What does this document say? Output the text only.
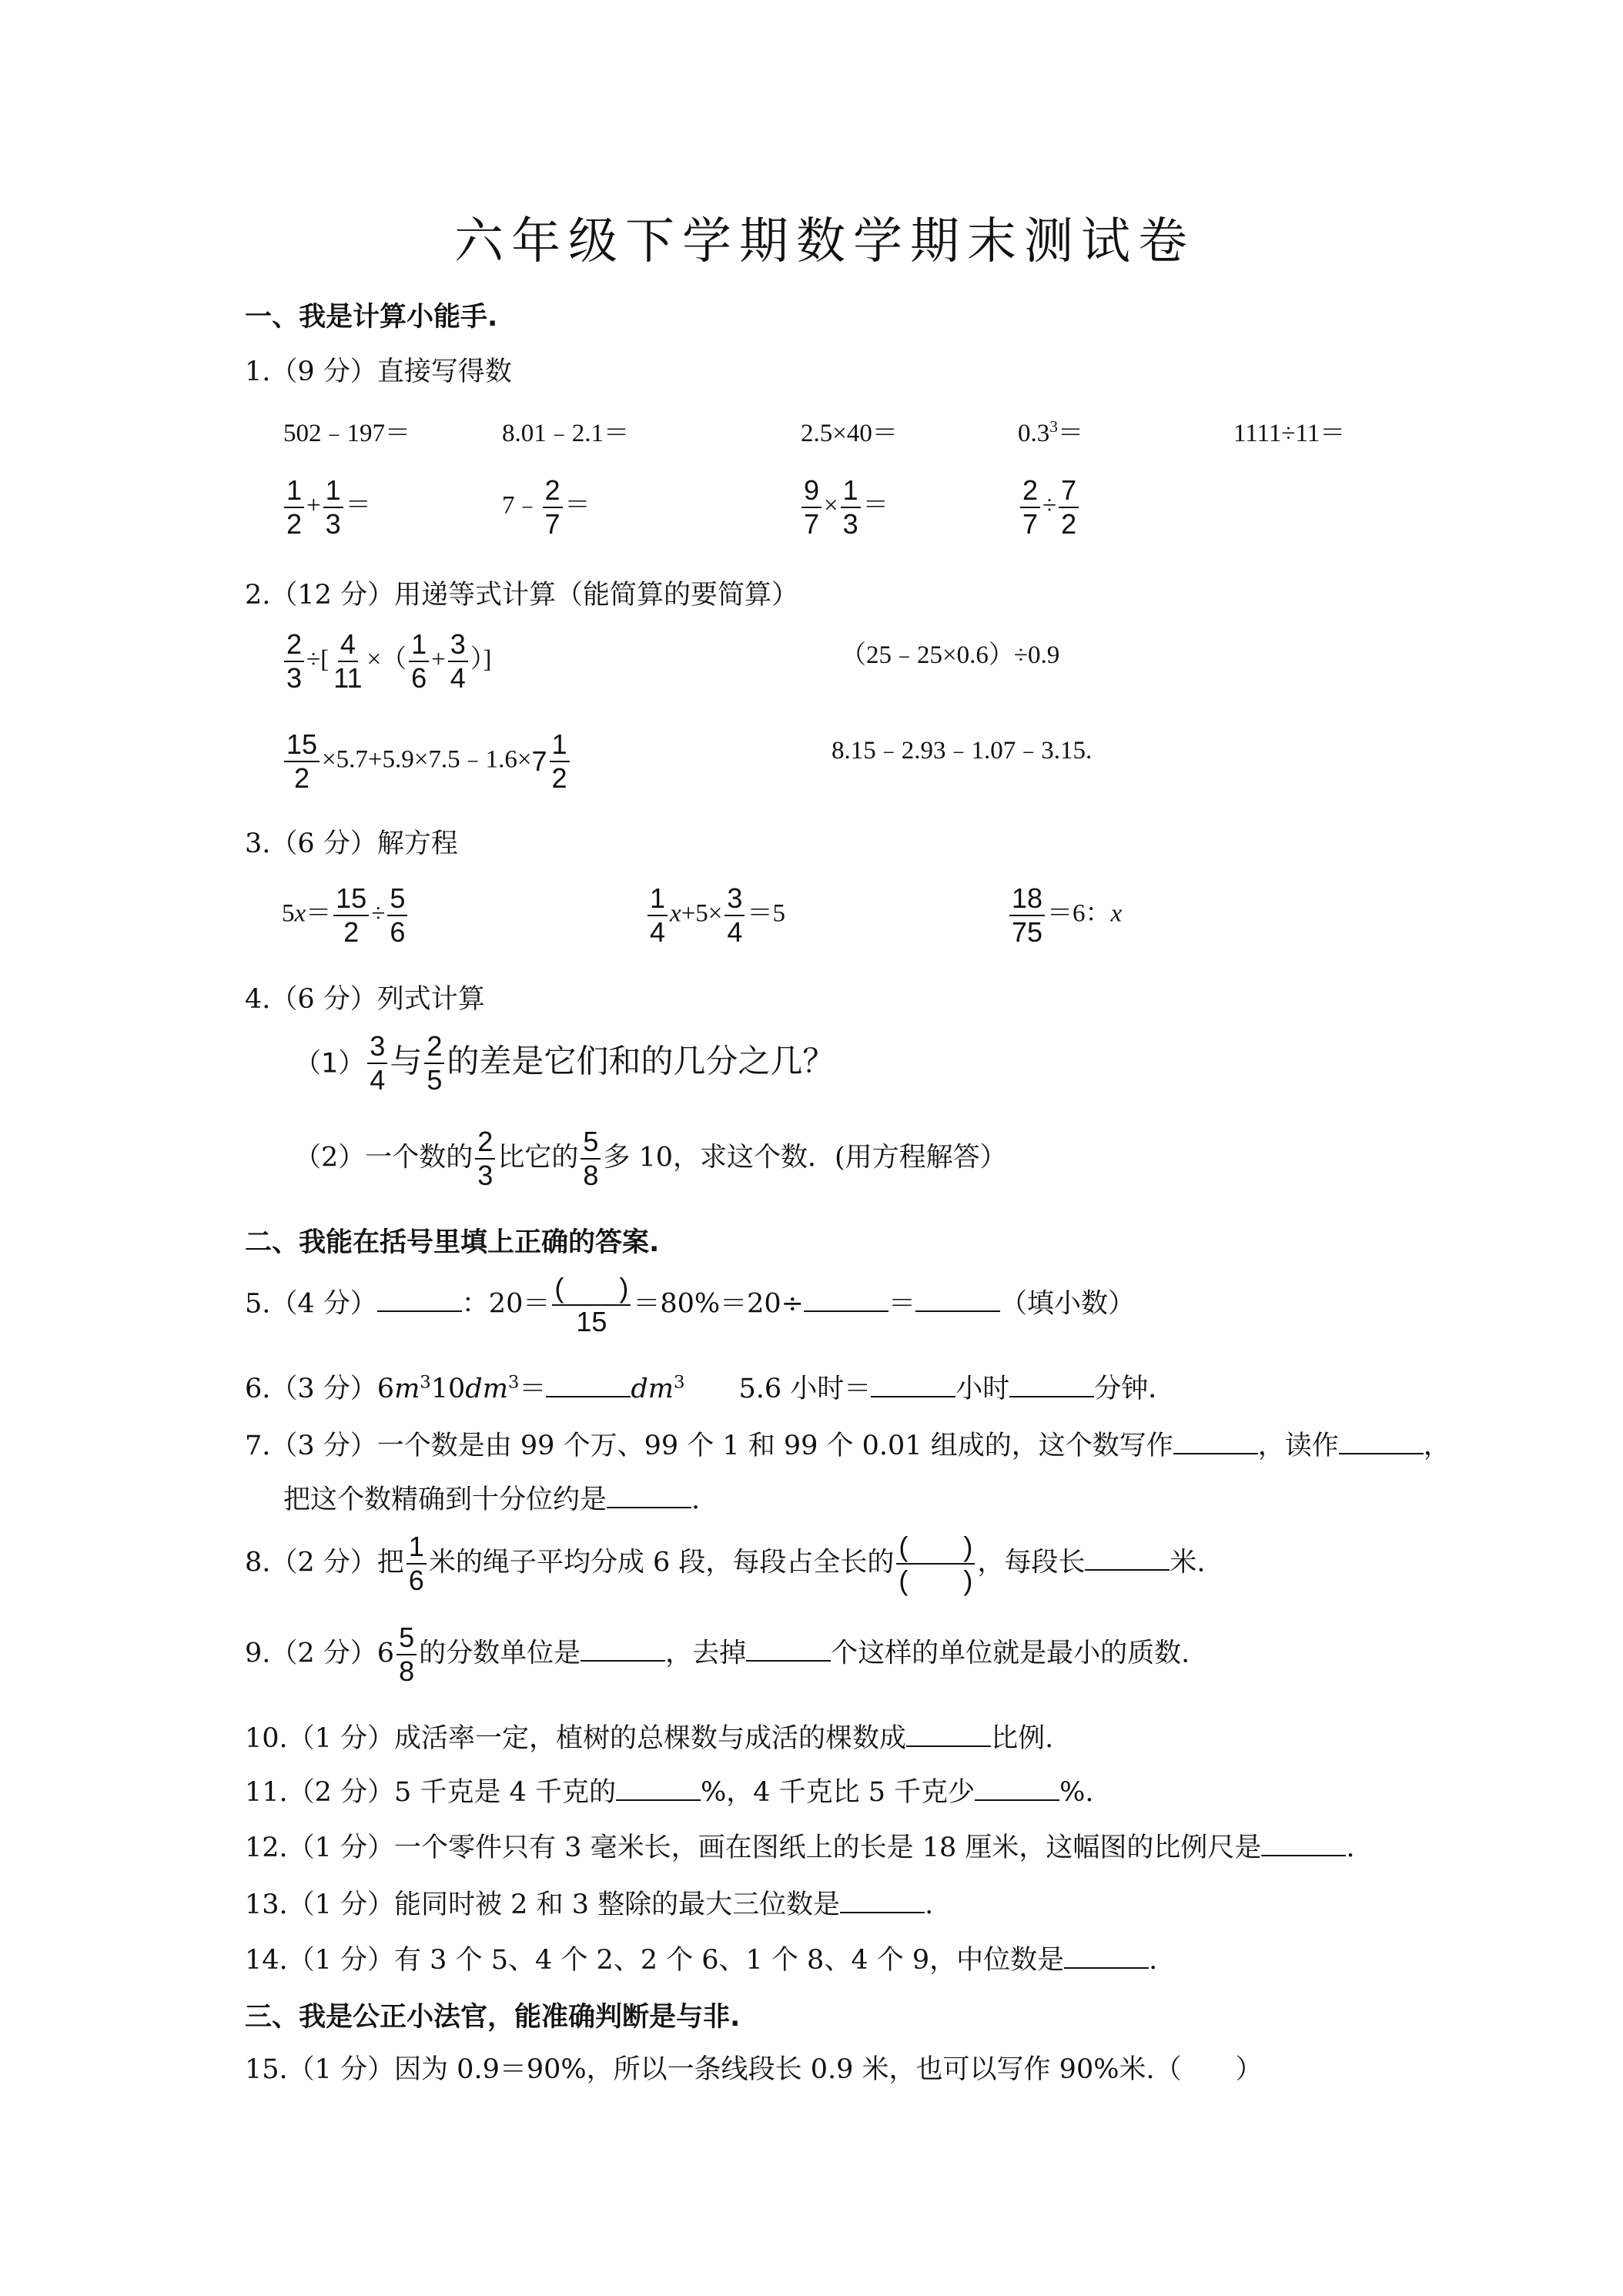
六年级下学期数学期末测试卷
一、我是计算小能手.
1.（9 分）直接写得数
502﹣197＝	8.01﹣2.1＝	2.5×40＝	$0.3^3=$	1111÷11＝
$\frac{1}{2} + \frac{1}{3}$ ＝	7﹣ $\frac{2}{7}$ ＝	$\frac{9}{7} \times \frac{1}{3}$ ＝	$\frac{2}{7} \div \frac{7}{2}$
2.（12 分）用递等式计算（能简算的要简算）
$\frac{2}{3}$ ÷[ $\frac{4}{11}$ ×（ $\frac{1}{6} + \frac{3}{4}$ ）]	（25﹣25×0.6）÷0.9
$\frac{15}{2}$ ×5.7+5.9×7.5﹣1.6× $7 \frac{1}{2}$	8.15﹣2.93﹣1.07﹣3.15.
3.（6 分）解方程
$5x= \frac{15}{2} \div \frac{5}{6}$	$\frac{1}{4} x+5\times \frac{3}{4} =5$	$\frac{18}{75} =6$：x
4.（6 分）列式计算
$(1) \frac{3}{4}$ 与 $\frac{2}{5}$ 的差是它们和的几分之几？
（2）一个数的 $\frac{2}{3}$ 比它的 $\frac{5}{8}$ 多 10，求这个数．(用方程解答）
二、我能在括号里填上正确的答案.
5.（4 分）	：$20= \frac{( )}{15} =80\%=20\div$	＝	（填小数）
6.（3 分）$6m^310dm^3=$	$dm^3$ 5.6 小时＝	小时	分钟．
7.（3 分）一个数是由 99 个万、99 个 1 和 99 个 0.01 组成的，这个数写作	，读作	，
把这个数精确到十分位约是	.
8.（2 分）把 $\frac{1}{6}$ 米的绳子平均分成 6 段，每段占全长的 $\frac{( )}{( )}$ ，每段长	米.
9.（2 分）$6 \frac{5}{8}$ 的分数单位是	，去掉	个这样的单位就是最小的质数.
10.（1 分）成活率一定，植树的总棵数与成活的棵数成	比例.
11.（2 分）5 千克是 4 千克的	%，4 千克比 5 千克少	%.
12.（1 分）一个零件只有 3 毫米长，画在图纸上的长是 18 厘米，这幅图的比例尺是	.
13.（1 分）能同时被 2 和 3 整除的最大三位数是	.
14.（1 分）有 3 个 5、4 个 2、2 个 6、1 个 8、4 个 9，中位数是	.
三、我是公正小法官，能准确判断是与非.
15.（1 分）因为 0.9＝90%，所以一条线段长 0.9 米，也可以写作 90%米.（　　）
